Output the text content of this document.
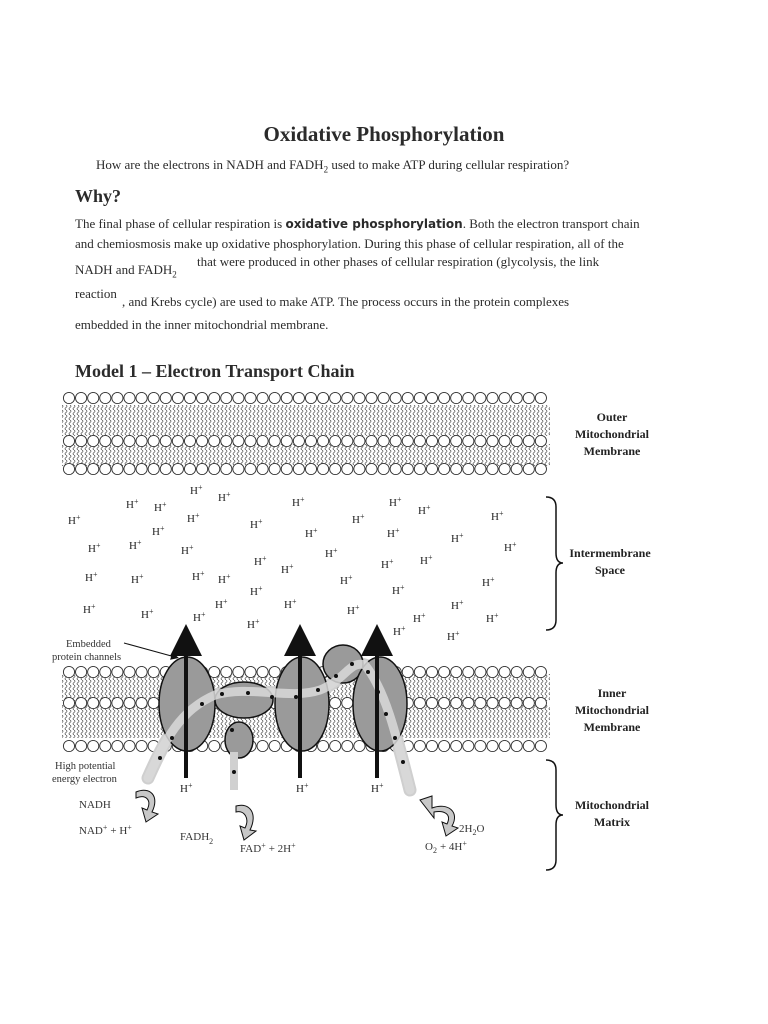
Oxidative Phosphorylation
How are the electrons in NADH and $FADH_2$ used to make ATP during cellular respiration?
Why?
The final phase of cellular respiration is oxidative phosphorylation. Both the electron transport chain
and chemiosmosis make up oxidative phosphorylation. During this phase of cellular respiration, all of the
NADH and $FADH_2$
that were produced in other phases of cellular respiration (glycolysis, the link
reaction
, and Krebs cycle) are used to make ATP. The process occurs in the protein complexes
embedded in the inner mitochondrial membrane.
Model 1 – Electron Transport Chain
H+
H+
H+	H+
H+
H+
H+
H+
H+
H+	H+	H+
H+	H+	H+
H+
H+	H+
H+
H+	H+
H+
H+	H+ H+
H+	H+	H+
H+	H+	H+
H+	H+
H+
H+
H+
H+	H+
H+
H+
H+
H+
H+
H+
H+
H+	H+	H+
Embedded
protein channels
High potential
energy electron
NADH
NAD+ + H+
$FADH_2$
FAD+ + 2H+
$2H_2O$
$O_2 + 4H^+$
Outer
Mitochondrial
Membrane
Intermembrane
Space
Inner
Mitochondrial
Membrane
Mitochondrial
Matrix
